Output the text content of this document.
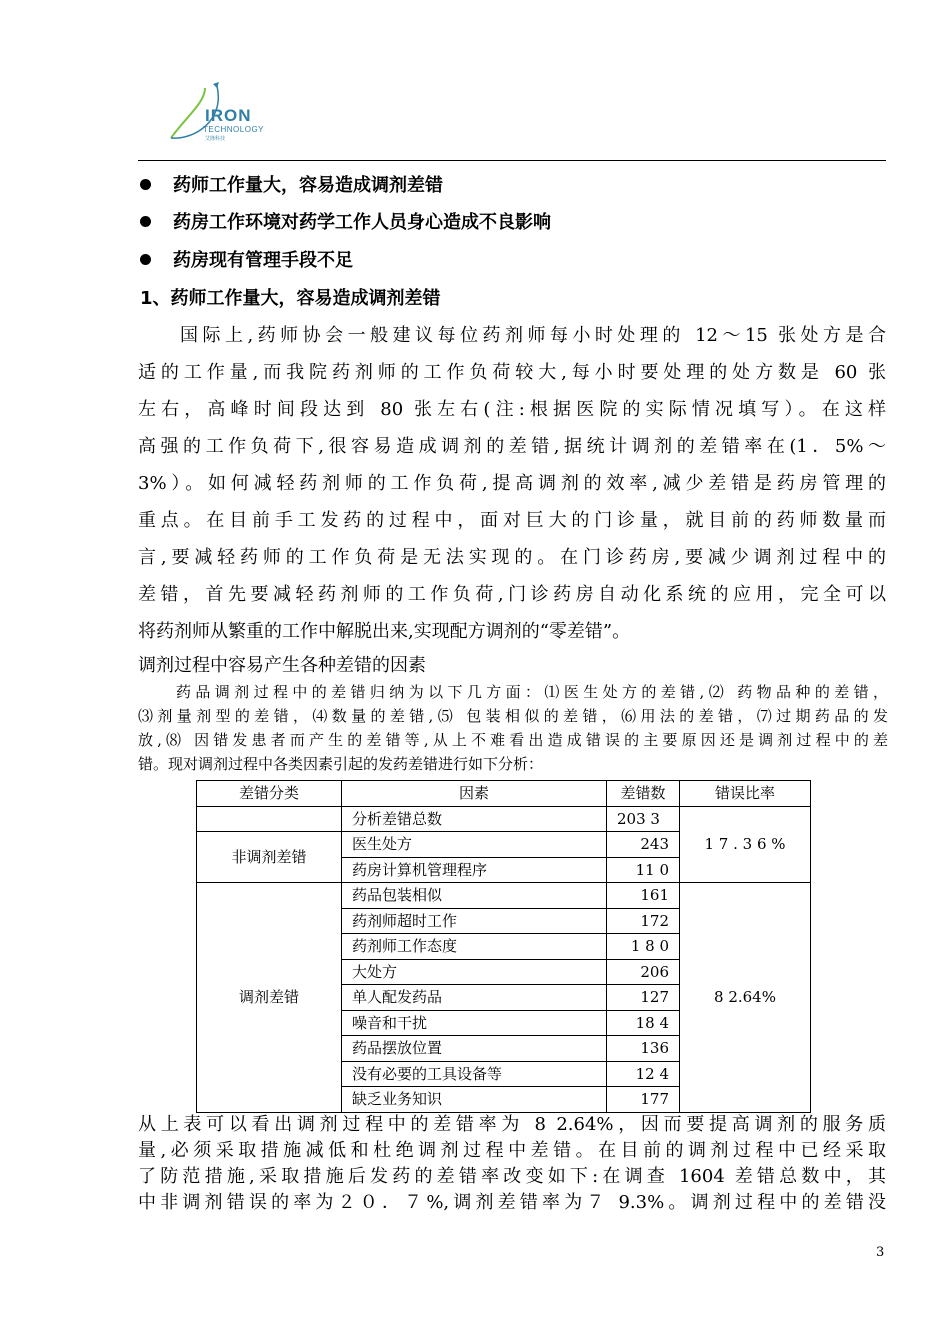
IRON
TECHNOLOGY
艾隆科技
药师工作量大，容易造成调剂差错
药房工作环境对药学工作人员身心造成不良影响
药房现有管理手段不足
1、药师工作量大，容易造成调剂差错
国际上,药师协会一般建议每位药剂师每小时处理的 12～15 张处方是合
适的工作量,而我院药剂师的工作负荷较大,每小时要处理的处方数是 60 张
左右，高峰时间段达到 80 张左右(注:根据医院的实际情况填写）。在这样
高强的工作负荷下,很容易造成调剂的差错,据统计调剂的差错率在(1．5%～
3%）。如何减轻药剂师的工作负荷,提高调剂的效率,减少差错是药房管理的
重点。在目前手工发药的过程中，面对巨大的门诊量，就目前的药师数量而
言,要减轻药师的工作负荷是无法实现的。在门诊药房,要减少调剂过程中的
差错，首先要减轻药剂师的工作负荷,门诊药房自动化系统的应用，完全可以
将药剂师从繁重的工作中解脱出来,实现配方调剂的“零差错”。
调剂过程中容易产生各种差错的因素
药品调剂过程中的差错归纳为以下几方面：⑴医生处方的差错,⑵ 药物品种的差错，
⑶剂量剂型的差错，⑷数量的差错,⑸ 包装相似的差错，⑹用法的差错，⑺过期药品的发
放,⑻ 因错发患者而产生的差错等,从上不难看出造成错误的主要原因还是调剂过程中的差
错。现对调剂过程中各类因素引起的发药差错进行如下分析：
差错分类	因素	差错数	错误比率
	分析差错总数	203 3	1 7 . 3 6 %
非调剂差错	医生处方	243	
	药房计算机管理程序	11 0	
调剂差错	药品包装相似	161	8 2.64%
	药剂师超时工作	172	
	药剂师工作态度	1 8 0	
	大处方	206	
	单人配发药品	127	
	噪音和干扰	18 4	
	药品摆放位置	136	
	没有必要的工具设备等	12 4	
	缺乏业务知识	177	
从上表可以看出调剂过程中的差错率为 8 2.64%，因而要提高调剂的服务质
量,必须采取措施减低和杜绝调剂过程中差错。在目前的调剂过程中已经采取
了防范措施,采取措施后发药的差错率改变如下:在调查 1604 差错总数中，其
中非调剂错误的率为２０．７%,调剂差错率为７ 9.3%。调剂过程中的差错没
3
